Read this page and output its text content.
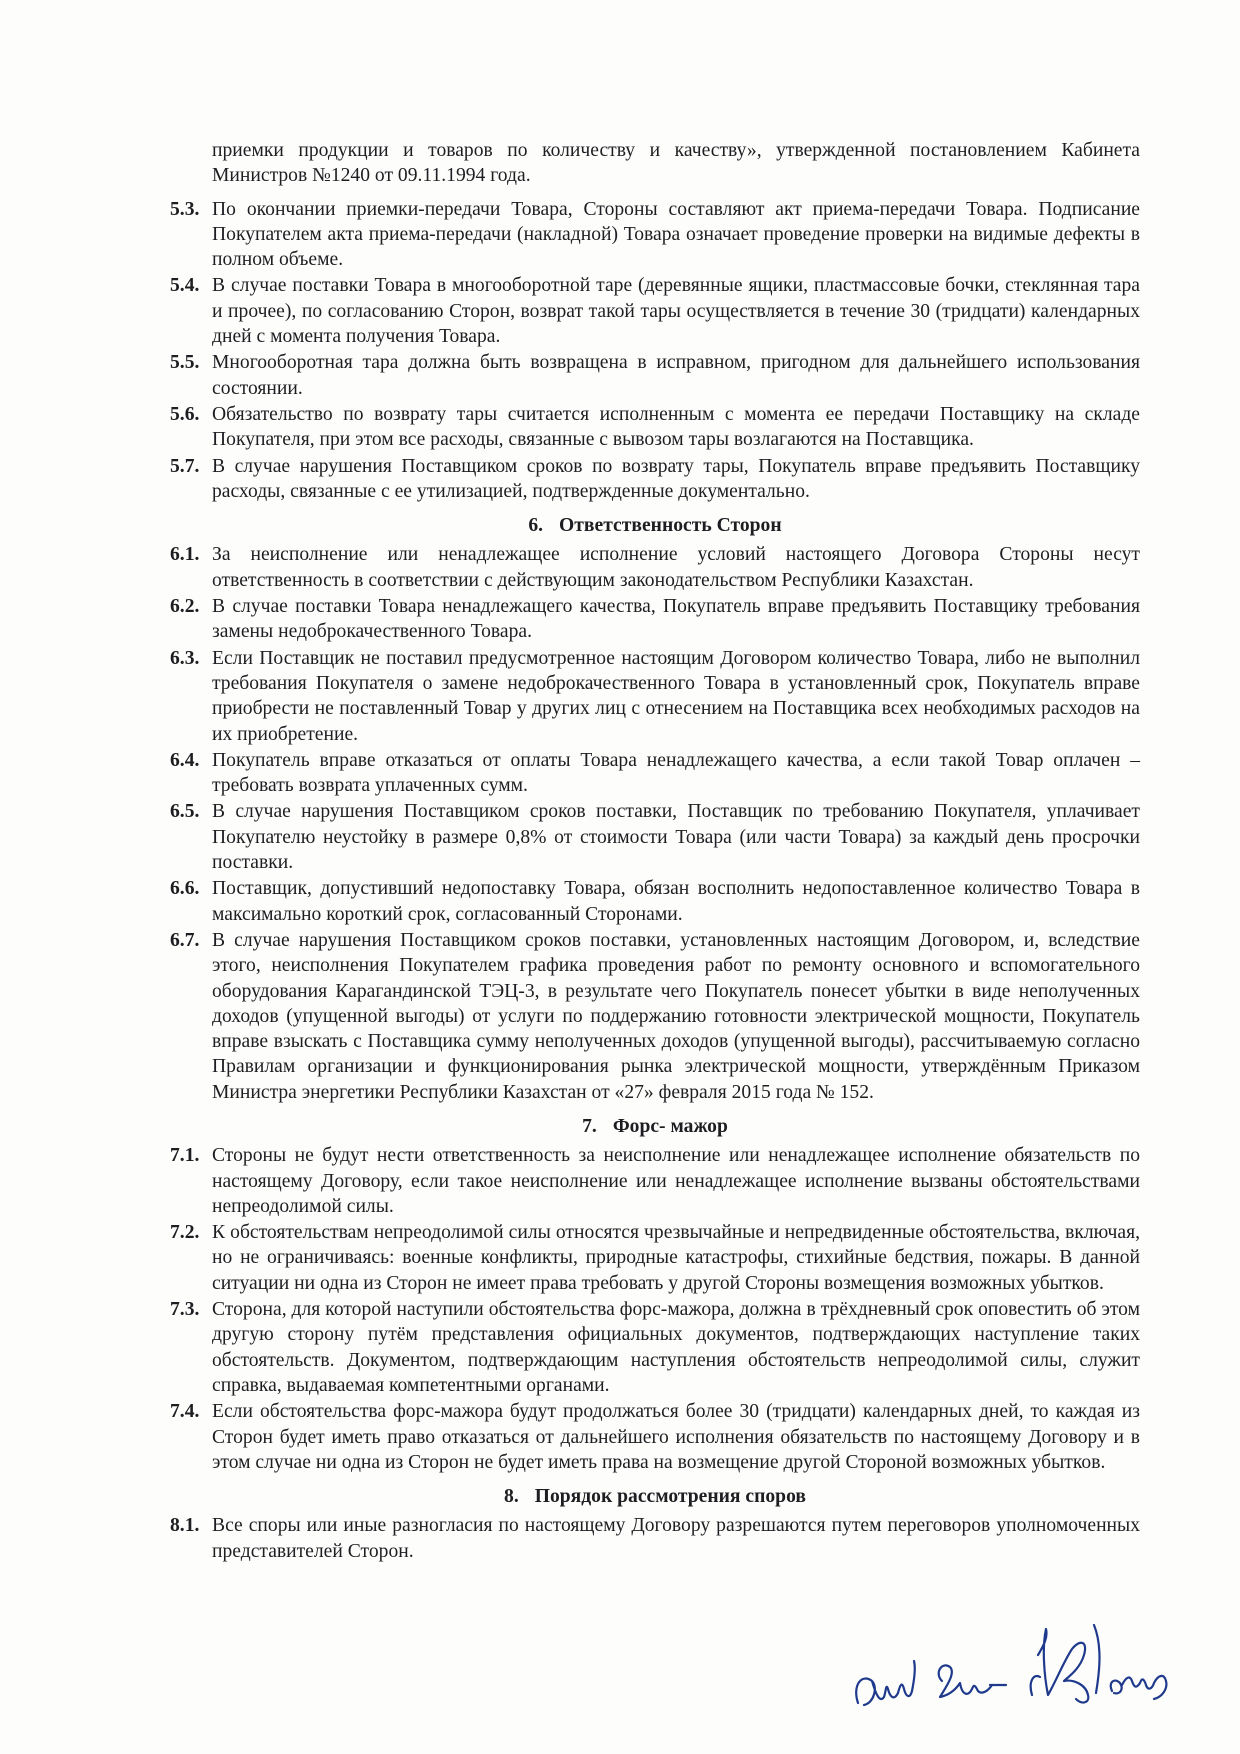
приемки продукции и товаров по количеству и качеству», утвержденной постановлением Кабинета Министров №1240 от 09.11.1994 года.
5.3. По окончании приемки-передачи Товара, Стороны составляют акт приема-передачи Товара. Подписание Покупателем акта приема-передачи (накладной) Товара означает проведение проверки на видимые дефекты в полном объеме.
5.4. В случае поставки Товара в многооборотной таре (деревянные ящики, пластмассовые бочки, стеклянная тара и прочее), по согласованию Сторон, возврат такой тары осуществляется в течение 30 (тридцати) календарных дней с момента получения Товара.
5.5. Многооборотная тара должна быть возвращена в исправном, пригодном для дальнейшего использования состоянии.
5.6. Обязательство по возврату тары считается исполненным с момента ее передачи Поставщику на складе Покупателя, при этом все расходы, связанные с вывозом тары возлагаются на Поставщика.
5.7. В случае нарушения Поставщиком сроков по возврату тары, Покупатель вправе предъявить Поставщику расходы, связанные с ее утилизацией, подтвержденные документально.
6. Ответственность Сторон
6.1. За неисполнение или ненадлежащее исполнение условий настоящего Договора Стороны несут ответственность в соответствии с действующим законодательством Республики Казахстан.
6.2. В случае поставки Товара ненадлежащего качества, Покупатель вправе предъявить Поставщику требования замены недоброкачественного Товара.
6.3. Если Поставщик не поставил предусмотренное настоящим Договором количество Товара, либо не выполнил требования Покупателя о замене недоброкачественного Товара в установленный срок, Покупатель вправе приобрести не поставленный Товар у других лиц с отнесением на Поставщика всех необходимых расходов на их приобретение.
6.4. Покупатель вправе отказаться от оплаты Товара ненадлежащего качества, а если такой Товар оплачен – требовать возврата уплаченных сумм.
6.5. В случае нарушения Поставщиком сроков поставки, Поставщик по требованию Покупателя, уплачивает Покупателю неустойку в размере 0,8% от стоимости Товара (или части Товара) за каждый день просрочки поставки.
6.6. Поставщик, допустивший недопоставку Товара, обязан восполнить недопоставленное количество Товара в максимально короткий срок, согласованный Сторонами.
6.7. В случае нарушения Поставщиком сроков поставки, установленных настоящим Договором, и, вследствие этого, неисполнения Покупателем графика проведения работ по ремонту основного и вспомогательного оборудования Карагандинской ТЭЦ-3, в результате чего Покупатель понесет убытки в виде неполученных доходов (упущенной выгоды) от услуги по поддержанию готовности электрической мощности, Покупатель вправе взыскать с Поставщика сумму неполученных доходов (упущенной выгоды), рассчитываемую согласно Правилам организации и функционирования рынка электрической мощности, утверждённым Приказом Министра энергетики Республики Казахстан от «27» февраля 2015 года № 152.
7. Форс- мажор
7.1. Стороны не будут нести ответственность за неисполнение или ненадлежащее исполнение обязательств по настоящему Договору, если такое неисполнение или ненадлежащее исполнение вызваны обстоятельствами непреодолимой силы.
7.2. К обстоятельствам непреодолимой силы относятся чрезвычайные и непредвиденные обстоятельства, включая, но не ограничиваясь: военные конфликты, природные катастрофы, стихийные бедствия, пожары. В данной ситуации ни одна из Сторон не имеет права требовать у другой Стороны возмещения возможных убытков.
7.3. Сторона, для которой наступили обстоятельства форс-мажора, должна в трёхдневный срок оповестить об этом другую сторону путём представления официальных документов, подтверждающих наступление таких обстоятельств. Документом, подтверждающим наступления обстоятельств непреодолимой силы, служит справка, выдаваемая компетентными органами.
7.4. Если обстоятельства форс-мажора будут продолжаться более 30 (тридцати) календарных дней, то каждая из Сторон будет иметь право отказаться от дальнейшего исполнения обязательств по настоящему Договору и в этом случае ни одна из Сторон не будет иметь права на возмещение другой Стороной возможных убытков.
8. Порядок рассмотрения споров
8.1. Все споры или иные разногласия по настоящему Договору разрешаются путем переговоров уполномоченных представителей Сторон.
